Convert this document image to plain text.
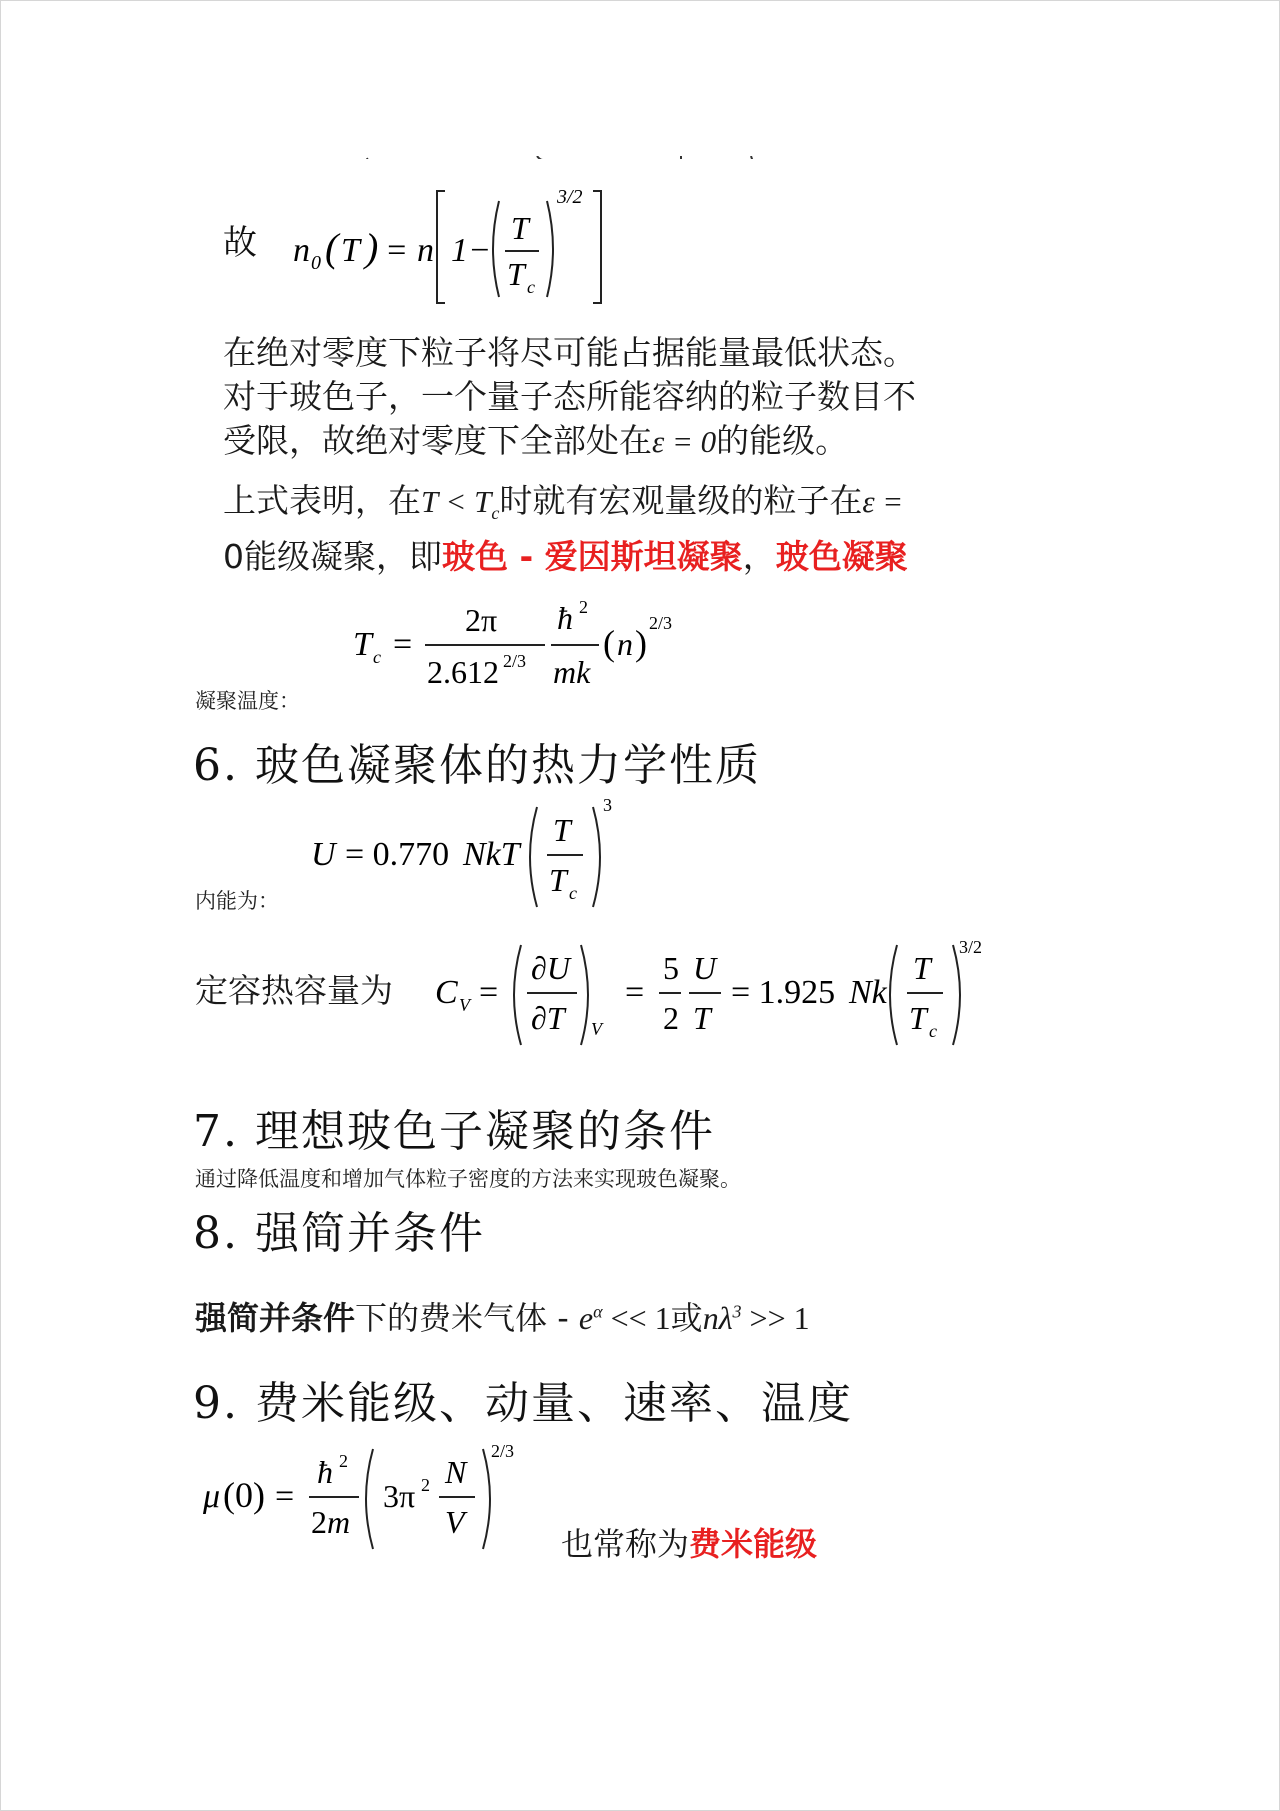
故 n 0 ( T ) = n 1−
T
T c
3/2
在绝对零度下粒子将尽可能占据能量最低状态。
对于玻色子，一个量子态所能容纳的粒子数目不
受限，故绝对零度下全部处在ε = 0的能级。
上式表明，在$T < T_c$时就有宏观量级的粒子在ε =
0能级凝聚，即玻色 - 爱因斯坦凝聚，玻色凝聚
T c =
2π
2.612 2/3
ħ 2
mk
( n ) 2/3
凝聚温度：
6. 玻色凝聚体的热力学性质
U = 0.770 NkT
T
T c
3
内能为：
定容热容量为 C V =
∂U
∂T V
=
5
2
U
T
= 1.925 Nk
T
T c
3/2
7. 理想玻色子凝聚的条件
通过降低温度和增加气体粒子密度的方法来实现玻色凝聚。
8. 强简并条件
强简并条件下的费米气体 - $e^\alpha << 1$或$n\lambda^3 >> 1$
9. 费米能级、动量、速率、温度
μ (0) =
ħ 2
2m
3π 2 N
V
2/3
也常称为费米能级
